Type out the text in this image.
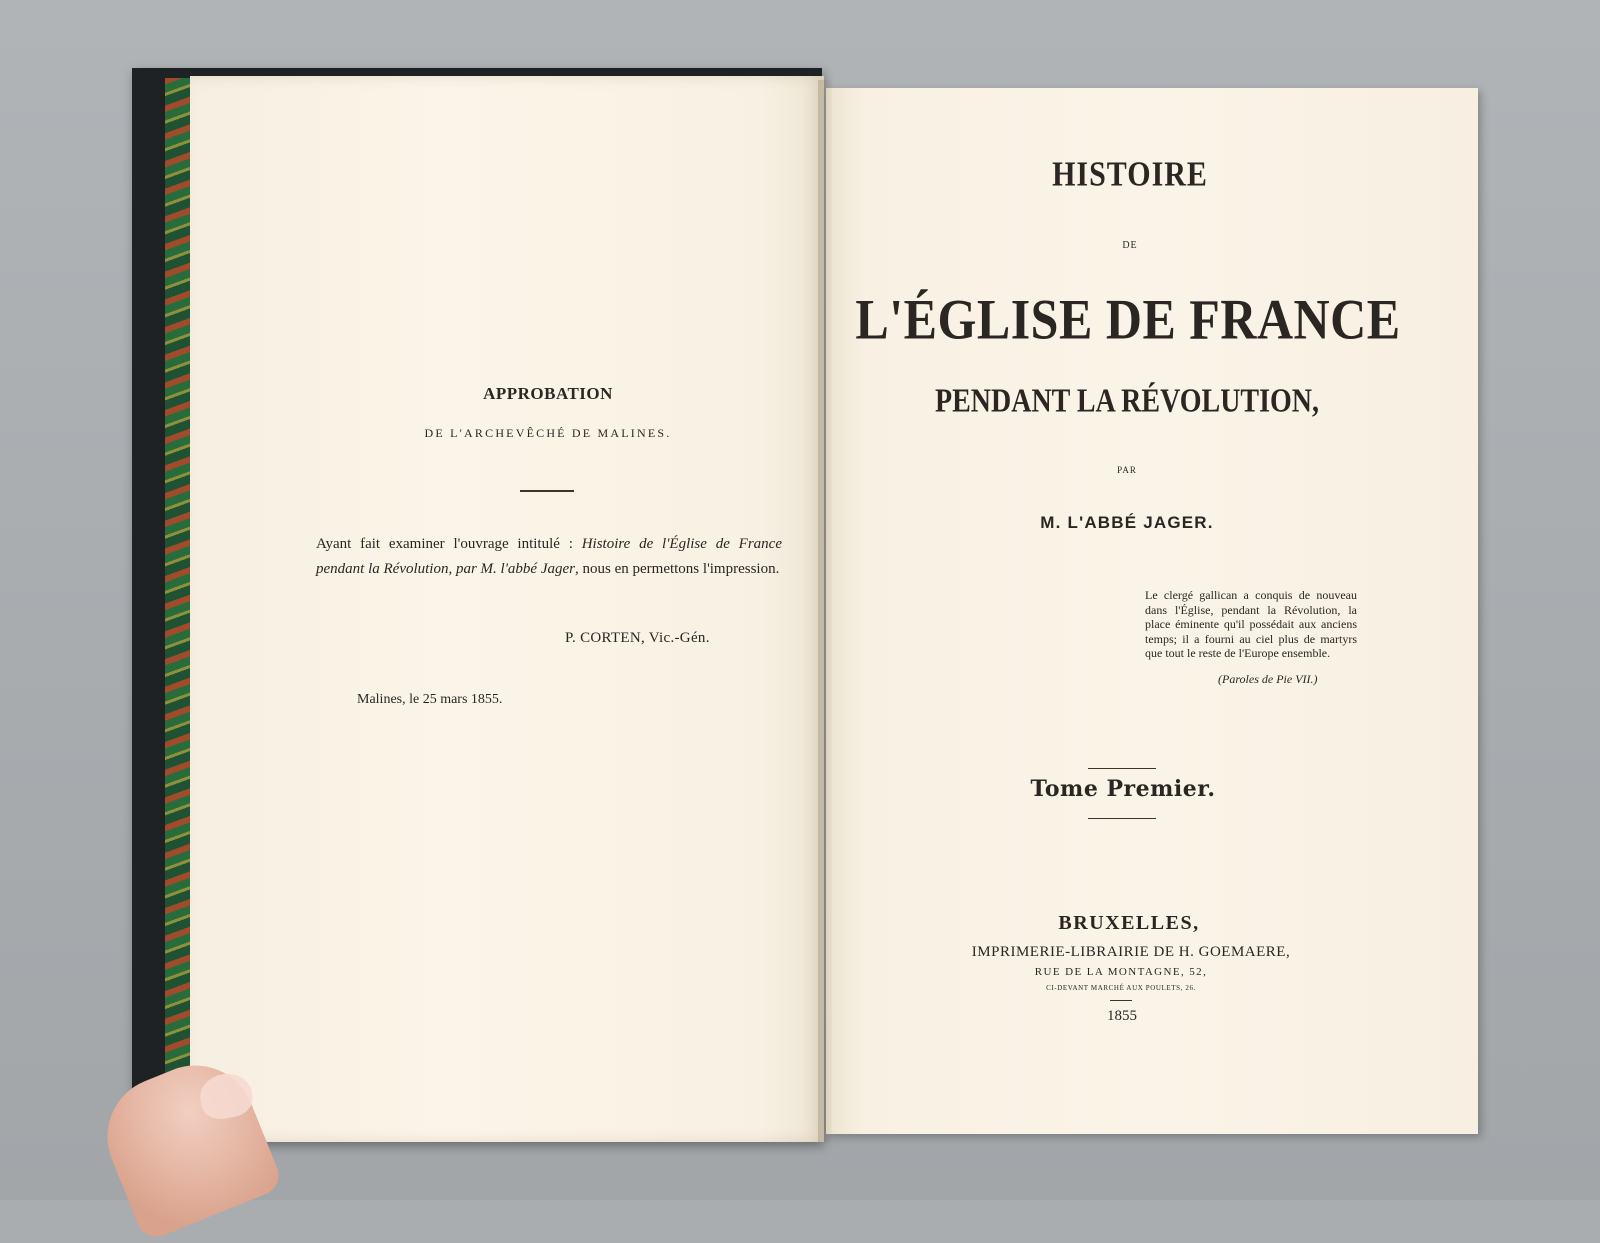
APPROBATION
DE L'ARCHEVÊCHÉ DE MALINES.
Ayant fait examiner l'ouvrage intitulé : Histoire de l'Église de France pendant la Révolution, par M. l'abbé Jager, nous en permettons l'impression.
P. CORTEN, Vic.-Gén.
Malines, le 25 mars 1855.
HISTOIRE
DE
L'ÉGLISE DE FRANCE
PENDANT LA RÉVOLUTION,
PAR
M. L'ABBÉ JAGER.
Le clergé gallican a conquis de nouveau dans l'Église, pendant la Révolution, la place éminente qu'il possédait aux anciens temps; il a fourni au ciel plus de martyrs que tout le reste de l'Europe ensemble.
(Paroles de Pie VII.)
Tome Premier.
BRUXELLES,
IMPRIMERIE-LIBRAIRIE DE H. GOEMAERE,
RUE DE LA MONTAGNE, 52,
CI-DEVANT MARCHÉ AUX POULETS, 26.
1855
